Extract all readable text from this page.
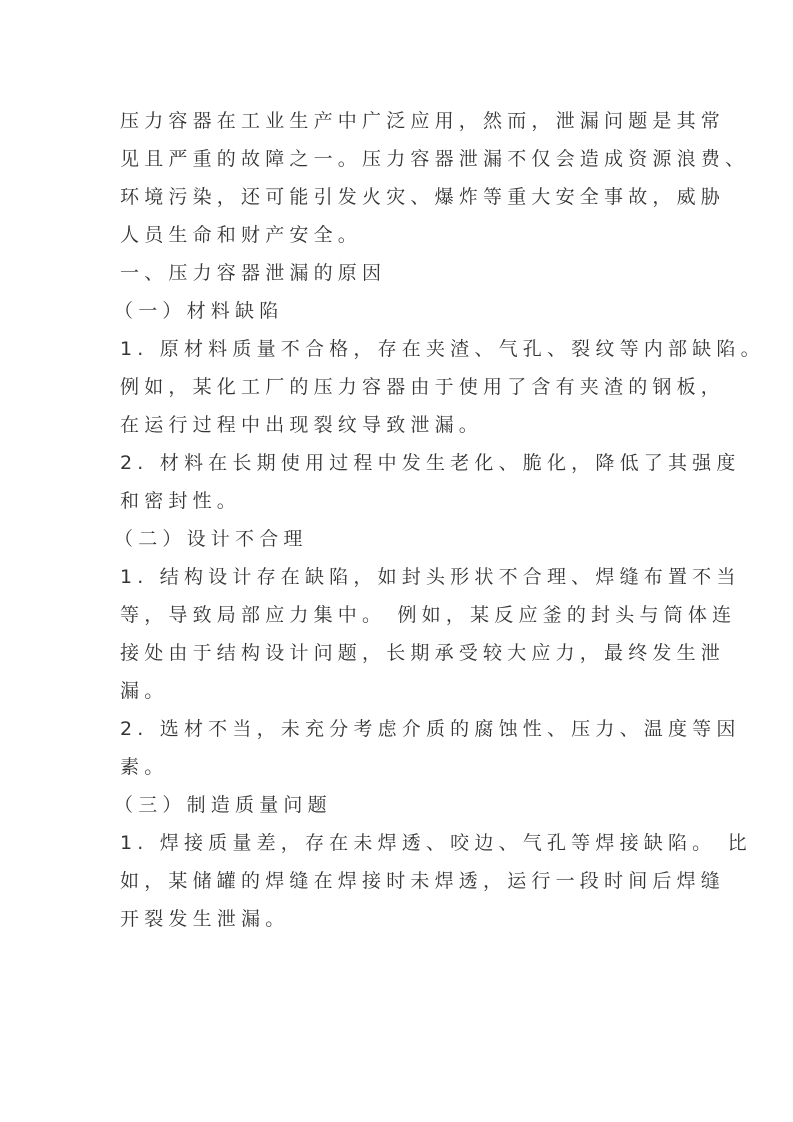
压力容器在工业生产中广泛应用，然而，泄漏问题是其常

见且严重的故障之一。压力容器泄漏不仅会造成资源浪费、

环境污染，还可能引发火灾、爆炸等重大安全事故，威胁

人员生命和财产安全。

一、压力容器泄漏的原因

（一）材料缺陷

1. 原材料质量不合格，存在夹渣、气孔、裂纹等内部缺陷。

例如，某化工厂的压力容器由于使用了含有夹渣的钢板，

在运行过程中出现裂纹导致泄漏。

2. 材料在长期使用过程中发生老化、脆化，降低了其强度

和密封性。

（二）设计不合理

1. 结构设计存在缺陷，如封头形状不合理、焊缝布置不当

等，导致局部应力集中。 例如，某反应釜的封头与筒体连

接处由于结构设计问题，长期承受较大应力，最终发生泄

漏。

2. 选材不当，未充分考虑介质的腐蚀性、压力、温度等因

素。

（三）制造质量问题

1. 焊接质量差，存在未焊透、咬边、气孔等焊接缺陷。 比

如，某储罐的焊缝在焊接时未焊透，运行一段时间后焊缝

开裂发生泄漏。
